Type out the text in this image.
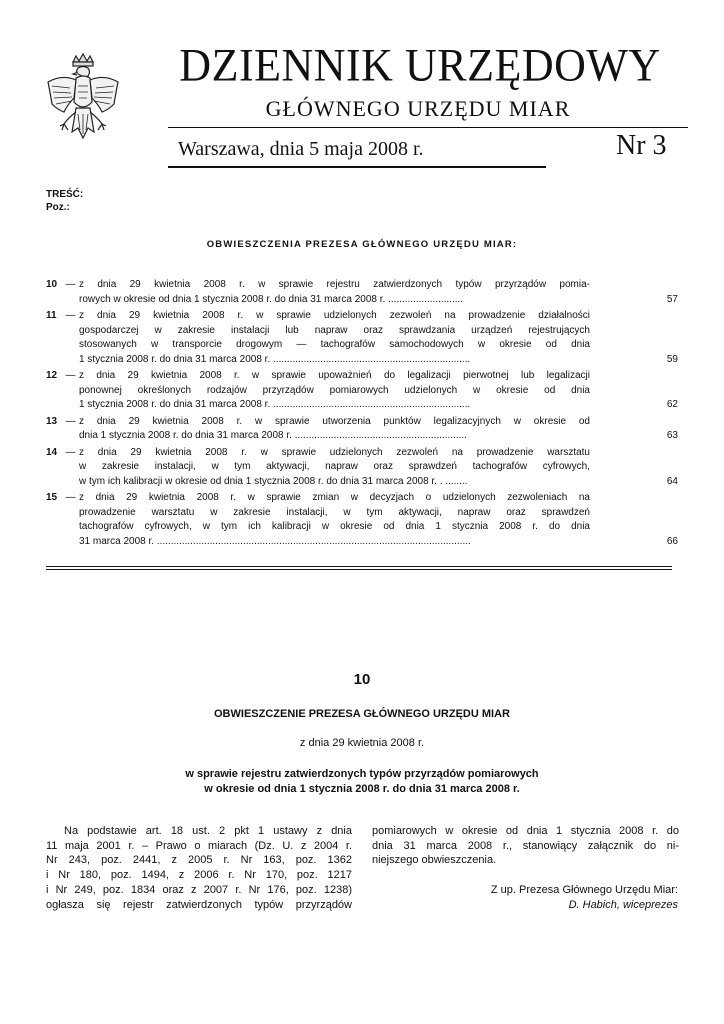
DZIENNIK URZĘDOWY
GŁÓWNEGO URZĘDU MIAR
Warszawa, dnia 5 maja 2008 r.	Nr 3
TREŚĆ:
Poz.:
OBWIESZCZENIA PREZESA GŁÓWNEGO URZĘDU MIAR:
10 — z dnia 29 kwietnia 2008 r. w sprawie rejestru zatwierdzonych typów przyrządów pomia-
rowych w okresie od dnia 1 stycznia 2008 r. do dnia 31 marca 2008 r. ...........................	57
11 — z dnia 29 kwietnia 2008 r. w sprawie udzielonych zezwoleń na prowadzenie działalności
gospodarczej w zakresie instalacji lub napraw oraz sprawdzania urządzeń rejestrujących
stosowanych w transporcie drogowym — tachografów samochodowych w okresie od dnia
1 stycznia 2008 r. do dnia 31 marca 2008 r. .......................................................................	59
12 — z dnia 29 kwietnia 2008 r. w sprawie upoważnień do legalizacji pierwotnej lub legalizacji
ponownej określonych rodzajów przyrządów pomiarowych udzielonych w okresie od dnia
1 stycznia 2008 r. do dnia 31 marca 2008 r. .......................................................................	62
13 — z dnia 29 kwietnia 2008 r. w sprawie utworzenia punktów legalizacyjnych w okresie od
dnia 1 stycznia 2008 r. do dnia 31 marca 2008 r. ..............................................................	63
14 — z dnia 29 kwietnia 2008 r. w sprawie udzielonych zezwoleń na prowadzenie warsztatu
w zakresie instalacji, w tym aktywacji, napraw oraz sprawdzeń tachografów cyfrowych,
w tym ich kalibracji w okresie od dnia 1 stycznia 2008 r. do dnia 31 marca 2008 r. . ........	64
15 — z dnia 29 kwietnia 2008 r. w sprawie zmian w decyzjach o udzielonych zezwoleniach na
prowadzenie warsztatu w zakresie instalacji, w tym aktywacji, napraw oraz sprawdzeń
tachografów cyfrowych, w tym ich kalibracji w okresie od dnia 1 stycznia 2008 r. do dnia
31 marca 2008 r. .................................................................................................................	66
10
OBWIESZCZENIE PREZESA GŁÓWNEGO URZĘDU MIAR
z dnia 29 kwietnia 2008 r.
w sprawie rejestru zatwierdzonych typów przyrządów pomiarowych
w okresie od dnia 1 stycznia 2008 r. do dnia 31 marca 2008 r.
Na podstawie art. 18 ust. 2 pkt 1 ustawy z dnia
11 maja 2001 r. – Prawo o miarach (Dz. U. z 2004 r.
Nr 243, poz. 2441, z 2005 r. Nr 163, poz. 1362
i Nr 180, poz. 1494, z 2006 r. Nr 170, poz. 1217
i Nr 249, poz. 1834 oraz z 2007 r. Nr 176, poz. 1238)
ogłasza się rejestr zatwierdzonych typów przyrządów
pomiarowych w okresie od dnia 1 stycznia 2008 r. do
dnia 31 marca 2008 r., stanowiący załącznik do ni-
niejszego obwieszczenia.
Z up. Prezesa Głównego Urzędu Miar:
D. Habich, wiceprezes
